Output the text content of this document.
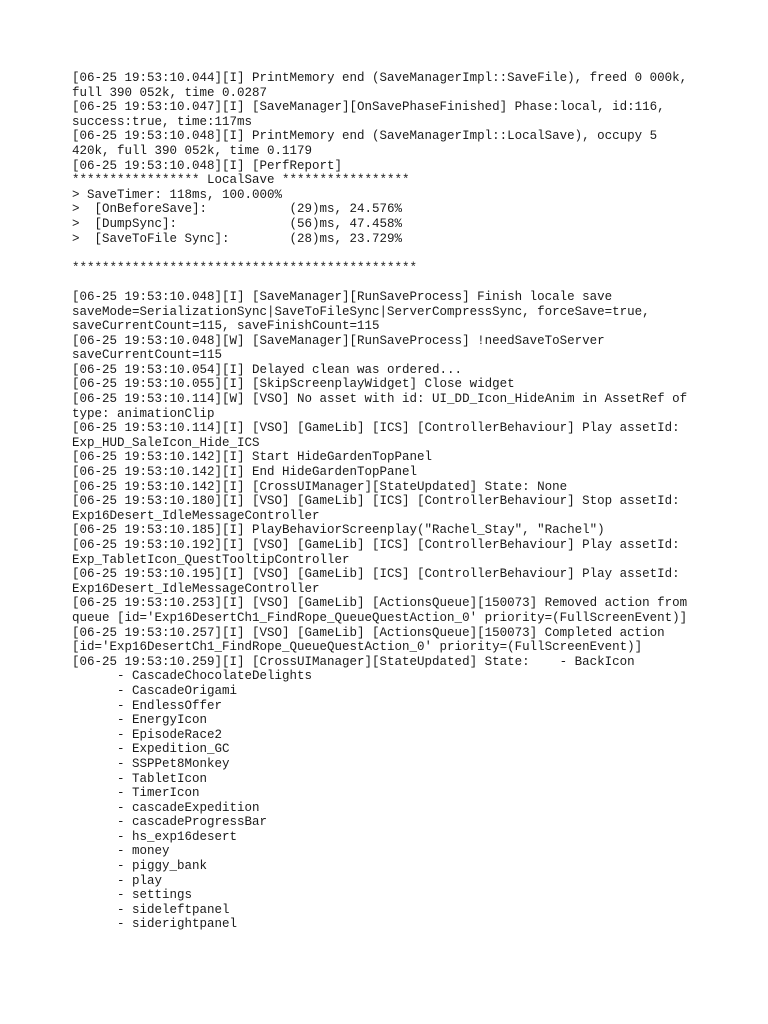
[06-25 19:53:10.044][I] PrintMemory end (SaveManagerImpl::SaveFile), freed 0 000k,
full 390 052k, time 0.0287
[06-25 19:53:10.047][I] [SaveManager][OnSavePhaseFinished] Phase:local, id:116,
success:true, time:117ms
[06-25 19:53:10.048][I] PrintMemory end (SaveManagerImpl::LocalSave), occupy 5
420k, full 390 052k, time 0.1179
[06-25 19:53:10.048][I] [PerfReport]
***************** LocalSave *****************
> SaveTimer: 118ms, 100.000%
>  [OnBeforeSave]:           (29)ms, 24.576%
>  [DumpSync]:               (56)ms, 47.458%
>  [SaveToFile Sync]:        (28)ms, 23.729%
**********************************************
[06-25 19:53:10.048][I] [SaveManager][RunSaveProcess] Finish locale save
saveMode=SerializationSync|SaveToFileSync|ServerCompressSync, forceSave=true,
saveCurrentCount=115, saveFinishCount=115
[06-25 19:53:10.048][W] [SaveManager][RunSaveProcess] !needSaveToServer
saveCurrentCount=115
[06-25 19:53:10.054][I] Delayed clean was ordered...
[06-25 19:53:10.055][I] [SkipScreenplayWidget] Close widget
[06-25 19:53:10.114][W] [VSO] No asset with id: UI_DD_Icon_HideAnim in AssetRef of
type: animationClip
[06-25 19:53:10.114][I] [VSO] [GameLib] [ICS] [ControllerBehaviour] Play assetId:
Exp_HUD_SaleIcon_Hide_ICS
[06-25 19:53:10.142][I] Start HideGardenTopPanel
[06-25 19:53:10.142][I] End HideGardenTopPanel
[06-25 19:53:10.142][I] [CrossUIManager][StateUpdated] State: None
[06-25 19:53:10.180][I] [VSO] [GameLib] [ICS] [ControllerBehaviour] Stop assetId:
Exp16Desert_IdleMessageController
[06-25 19:53:10.185][I] PlayBehaviorScreenplay("Rachel_Stay", "Rachel")
[06-25 19:53:10.192][I] [VSO] [GameLib] [ICS] [ControllerBehaviour] Play assetId:
Exp_TabletIcon_QuestTooltipController
[06-25 19:53:10.195][I] [VSO] [GameLib] [ICS] [ControllerBehaviour] Play assetId:
Exp16Desert_IdleMessageController
[06-25 19:53:10.253][I] [VSO] [GameLib] [ActionsQueue][150073] Removed action from
queue [id='Exp16DesertCh1_FindRope_QueueQuestAction_0' priority=(FullScreenEvent)]
[06-25 19:53:10.257][I] [VSO] [GameLib] [ActionsQueue][150073] Completed action
[id='Exp16DesertCh1_FindRope_QueueQuestAction_0' priority=(FullScreenEvent)]
[06-25 19:53:10.259][I] [CrossUIManager][StateUpdated] State:    - BackIcon
- CascadeChocolateDelights
- CascadeOrigami
- EndlessOffer
- EnergyIcon
- EpisodeRace2
- Expedition_GC
- SSPPet8Monkey
- TabletIcon
- TimerIcon
- cascadeExpedition
- cascadeProgressBar
- hs_exp16desert
- money
- piggy_bank
- play
- settings
- sideleftpanel
- siderightpanel
